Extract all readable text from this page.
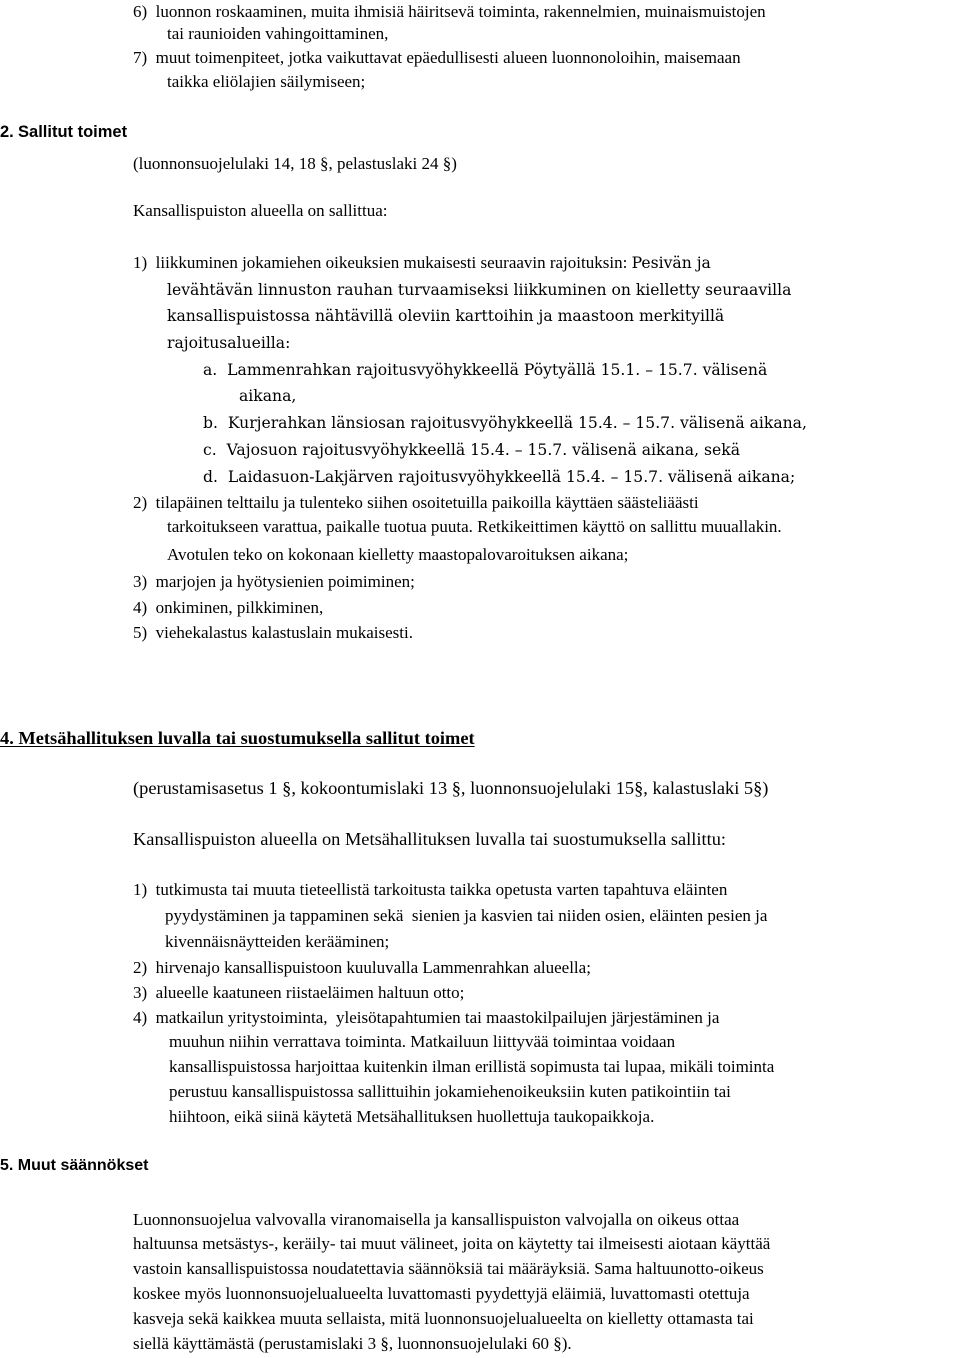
6)  luonnon roskaaminen, muita ihmisiä häiritsevä toiminta, rakennelmien, muinaismuistojen
tai raunioiden vahingoittaminen,
7)  muut toimenpiteet, jotka vaikuttavat epäedullisesti alueen luonnonoloihin, maisemaan
taikka eliölajien säilymiseen;
2. Sallitut toimet
(luonnonsuojelulaki 14, 18 §, pelastuslaki 24 §)
Kansallispuiston alueella on sallittua:
1)  liikkuminen jokamiehen oikeuksien mukaisesti seuraavin rajoituksin: Pesivän ja
levähtävän linnuston rauhan turvaamiseksi liikkuminen on kielletty seuraavilla
kansallispuistossa nähtävillä oleviin karttoihin ja maastoon merkityillä
rajoitusalueilla:
a.  Lammenrahkan rajoitusvyöhykkeellä Pöytyällä 15.1. – 15.7. välisenä
aikana,
b.  Kurjerahkan länsiosan rajoitusvyöhykkeellä 15.4. – 15.7. välisenä aikana,
c.  Vajosuon rajoitusvyöhykkeellä 15.4. – 15.7. välisenä aikana, sekä
d.  Laidasuon-Lakjärven rajoitusvyöhykkeellä 15.4. – 15.7. välisenä aikana;
2)  tilapäinen telttailu ja tulenteko siihen osoitetuilla paikoilla käyttäen säästeliäästi
tarkoitukseen varattua, paikalle tuotua puuta. Retkikeittimen käyttö on sallittu muuallakin.
Avotulen teko on kokonaan kielletty maastopalovaroituksen aikana;
3)  marjojen ja hyötysienien poimiminen;
4)  onkiminen, pilkkiminen,
5)  viehekalastus kalastuslain mukaisesti.
4. Metsähallituksen luvalla tai suostumuksella sallitut toimet
(perustamisasetus 1 §, kokoontumislaki 13 §, luonnonsuojelulaki 15§, kalastuslaki 5§)
Kansallispuiston alueella on Metsähallituksen luvalla tai suostumuksella sallittu:
1)  tutkimusta tai muuta tieteellistä tarkoitusta taikka opetusta varten tapahtuva eläinten
pyydystäminen ja tappaminen sekä  sienien ja kasvien tai niiden osien, eläinten pesien ja
kivennäisnäytteiden kerääminen;
2)  hirvenajo kansallispuistoon kuuluvalla Lammenrahkan alueella;
3)  alueelle kaatuneen riistaeläimen haltuun otto;
4)  matkailun yritystoiminta,  yleisötapahtumien tai maastokilpailujen järjestäminen ja
muuhun niihin verrattava toiminta. Matkailuun liittyvää toimintaa voidaan
kansallispuistossa harjoittaa kuitenkin ilman erillistä sopimusta tai lupaa, mikäli toiminta
perustuu kansallispuistossa sallittuihin jokamiehenoikeuksiin kuten patikointiin tai
hiihtoon, eikä siinä käytetä Metsähallituksen huollettuja taukopaikkoja.
5. Muut säännökset
Luonnonsuojelua valvovalla viranomaisella ja kansallispuiston valvojalla on oikeus ottaa
haltuunsa metsästys-, keräily- tai muut välineet, joita on käytetty tai ilmeisesti aiotaan käyttää
vastoin kansallispuistossa noudatettavia säännöksiä tai määräyksiä. Sama haltuunotto-oikeus
koskee myös luonnonsuojelualueelta luvattomasti pyydettyjä eläimiä, luvattomasti otettuja
kasveja sekä kaikkea muuta sellaista, mitä luonnonsuojelualueelta on kielletty ottamasta tai
siellä käyttämästä (perustamislaki 3 §, luonnonsuojelulaki 60 §).
